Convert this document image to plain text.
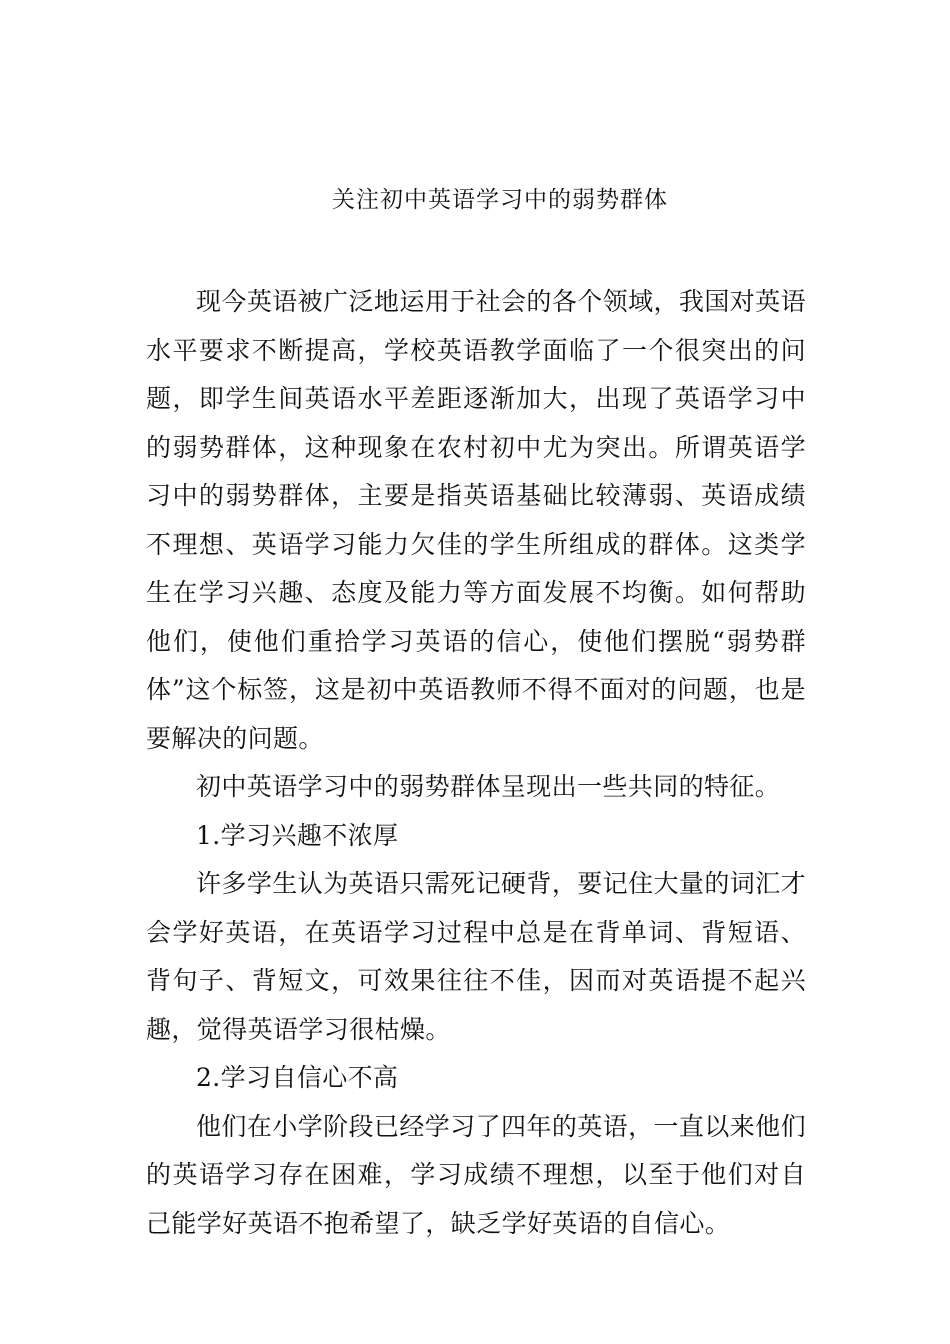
关注初中英语学习中的弱势群体

现今英语被广泛地运用于社会的各个领域，我国对英语水平要求不断提高，学校英语教学面临了一个很突出的问题，即学生间英语水平差距逐渐加大，出现了英语学习中的弱势群体，这种现象在农村初中尤为突出。所谓英语学习中的弱势群体，主要是指英语基础比较薄弱、英语成绩不理想、英语学习能力欠佳的学生所组成的群体。这类学生在学习兴趣、态度及能力等方面发展不均衡。如何帮助他们，使他们重拾学习英语的信心，使他们摆脱“弱势群体”这个标签，这是初中英语教师不得不面对的问题，也是要解决的问题。

初中英语学习中的弱势群体呈现出一些共同的特征。

1.学习兴趣不浓厚

许多学生认为英语只需死记硬背，要记住大量的词汇才会学好英语，在英语学习过程中总是在背单词、背短语、背句子、背短文，可效果往往不佳，因而对英语提不起兴趣，觉得英语学习很枯燥。

2.学习自信心不高

他们在小学阶段已经学习了四年的英语，一直以来他们的英语学习存在困难，学习成绩不理想，以至于他们对自己能学好英语不抱希望了，缺乏学好英语的自信心。
